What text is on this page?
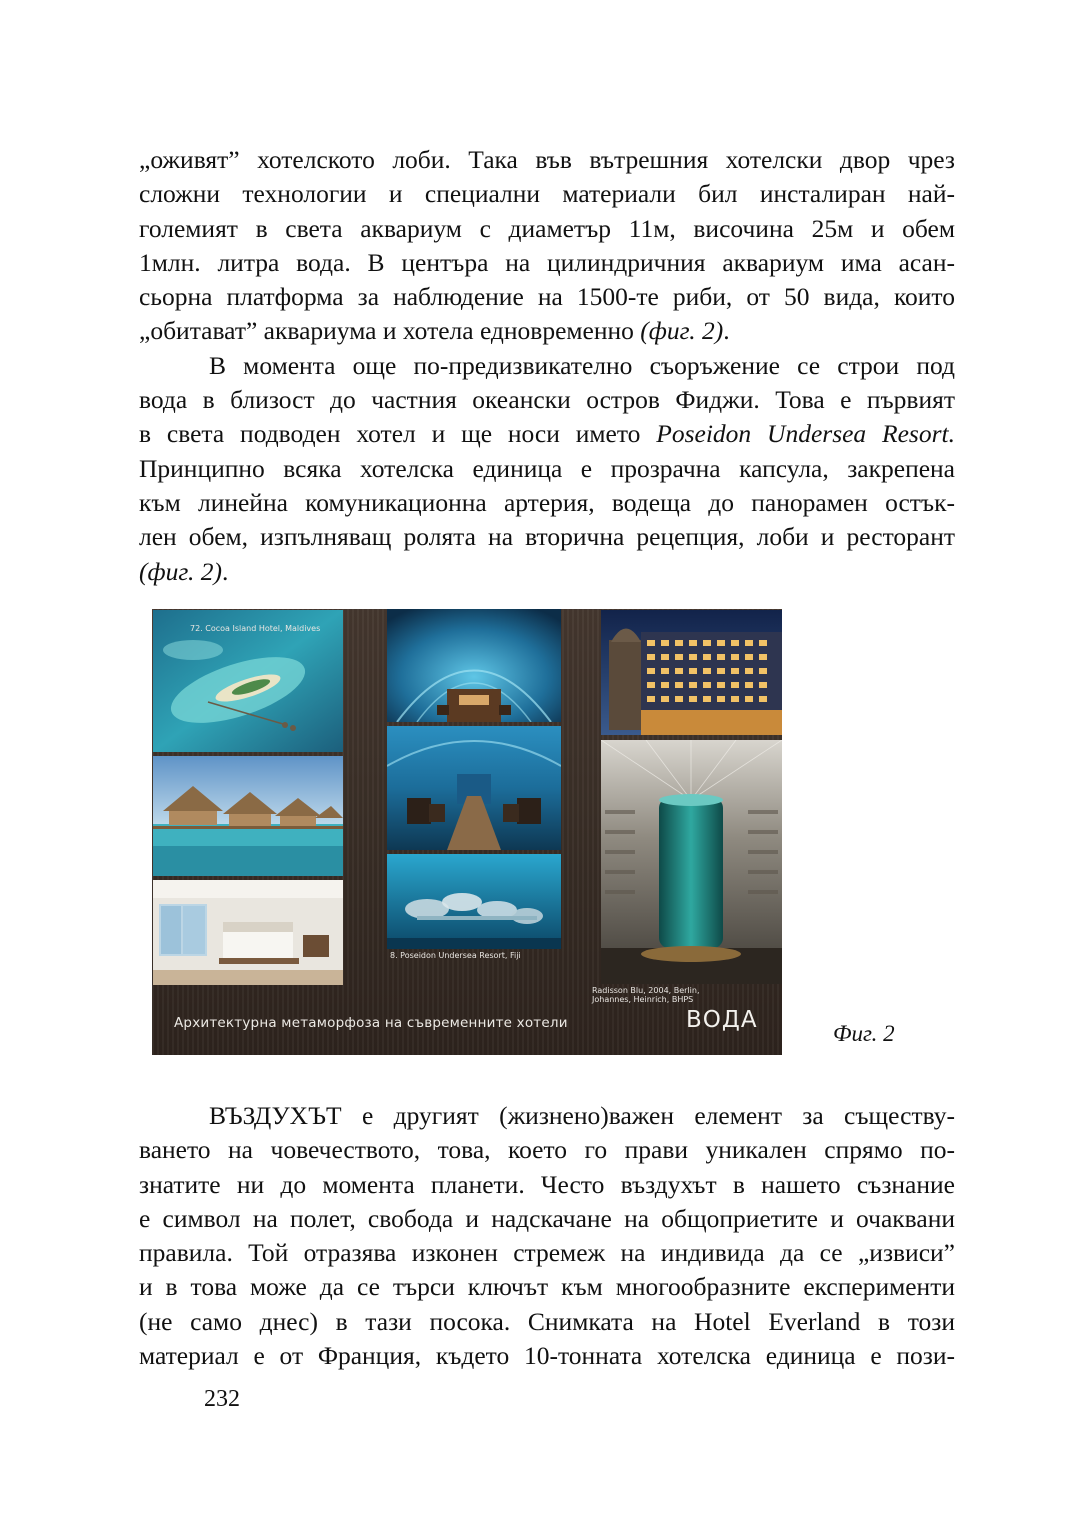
„оживят” хотелското лоби. Така във вътрешния хотелски двор чрез
сложни технологии и специални материали бил инсталиран най-
големият в света аквариум с диаметър 11м, височина 25м и обем
1млн. литра вода. В центъра на цилиндричния аквариум има асан-
сьорна платформа за наблюдение на 1500-те риби, от 50 вида, които
„обитават” аквариума и хотела едновременно (фиг. 2).

В момента още по-предизвикателно съоръжение се строи под
вода в близост до частния океански остров Фиджи. Това е първият
в света подводен хотел и ще носи името Poseidon Undersea Resort.
Принципно всяка хотелска единица е прозрачна капсула, закрепена
към линейна комуникационна артерия, водеща до панорамен остък-
лен обем, изпълняващ ролята на вторична рецепция, лоби и ресторант
(фиг. 2).

72. Cocoa Island Hotel, Maldives
8. Poseidon Undersea Resort, Fiji
Radisson Blu, 2004, Berlin,
Johannes, Heinrich, BHPS
Архитектурна метаморфоза на съвременните хотели	ВОДА
Фиг. 2

ВЪЗДУХЪТ е другият (жизнено)важен елемент за съществу-
ването на човечеството, това, което го прави уникален спрямо по-
знатите ни до момента планети. Често въздухът в нашето съзнание
е символ на полет, свобода и надскачане на общоприетите и очаквани
правила. Той отразява изконен стремеж на индивида да се „извиси”
и в това може да се търси ключът към многообразните експерименти
(не само днес) в тази посока. Снимката на Hotel Everland в този
материал е от Франция, където 10-тонната хотелска единица е пози-

232
